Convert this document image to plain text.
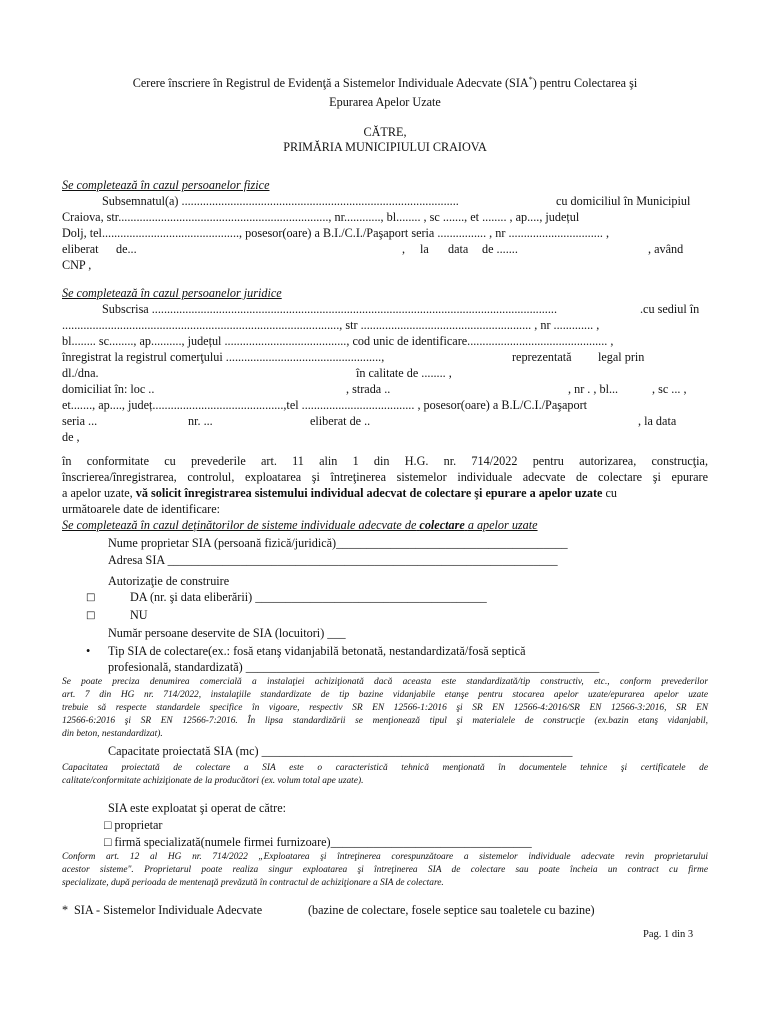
Cerere înscriere în Registrul de Evidenţă a Sistemelor Individuale Adecvate (SIA*) pentru Colectarea şi
Epurarea Apelor Uzate
CĂTRE,
PRIMĂRIA MUNICIPIULUI CRAIOVA
Se completează în cazul persoanelor fizice
Subsemnatul(a) ...........................................................................................	cu domiciliul în Municipiul
Craiova, str....................................................................., nr............, bl........ , sc ......., et ........ , ap...., județul
Dolj, tel............................................., posesor(oare) a B.I./C.I./Paşaport seria ................ , nr ............................... ,
eliberat de...	, la data de .......	, având
CNP ,
Se completează în cazul persoanelor juridice
Subscrisa .....................................................................................................................................	.cu sediul în
..........................................................................................., str ........................................................ , nr ............. ,
bl........ sc........, ap.........., județul ........................................, cod unic de identificare.............................................. ,
înregistrat la registrul comerţului ...................................................,	reprezentată legal prin
dl./dna.	în calitate de ........ ,
domiciliat în: loc ..	, strada ..	, nr . , bl...	, sc ... ,
et......., ap...., județ...........................................,tel ..................................... , posesor(oare) a B.L/C.I./Paşaport
seria ...	nr. ...	eliberat de ..	, la data
de ,
în conformitate cu prevederile art. 11 alin 1 din H.G. nr. 714/2022 pentru autorizarea, construcţia,
înscrierea/înregistrarea, controlul, exploatarea şi întreţinerea sistemelor individuale adecvate de colectare şi epurare
a apelor uzate, vă solicit înregistrarea sistemului individual adecvat de colectare şi epurare a apelor uzate cu
următoarele date de identificare:
Se completează în cazul deținătorilor de sisteme individuale adecvate de colectare a apelor uzate
Nume proprietar SIA (persoană fizică/juridică)______________________________________
Adresa SIA ________________________________________________________________
Autorizaţie de construire
□	DA (nr. şi data eliberării) ______________________________________
□	NU
Număr persoane deservite de SIA (locuitori) ___
• Tip SIA de colectare(ex.: fosă etanş vidanjabilă betonată, nestandardizată/fosă septică
profesională, standardizată) __________________________________________________________
Se poate preciza denumirea comercială a instalaţiei achiziţionată dacă aceasta este standardizată/tip constructiv, etc., conform prevederilor
art. 7 din HG nr. 714/2022, instalaţiile standardizate de tip bazine vidanjabile etanşe pentru stocarea apelor uzate/epurarea apelor uzate
trebuie să respecte standardele specifice în vigoare, respectiv SR EN 12566-1:2016 şi SR EN 12566-4:2016/SR EN 12566-3:2016, SR EN
12566-6:2016 şi SR EN 12566-7:2016. În lipsa standardizării se menţionează tipul şi materialele de construcţie (ex.bazin etanş vidanjabil,
din beton, nestandardizat).
Capacitate proiectată SIA (mc) ___________________________________________________
Capacitatea proiectată de colectare a SIA este o caracteristică tehnică menţionată în documentele tehnice şi certificatele de
calitate/conformitate achiziţionate de la producători (ex. volum total ape uzate).
SIA este exploatat şi operat de către:
□ proprietar
□ firmă specializată(numele firmei furnizoare)_________________________________
Conform art. 12 al HG nr. 714/2022 „Exploatarea şi întreţinerea corespunzătoare a sistemelor individuale adecvate revin proprietarului
acestor sisteme". Proprietarul poate realiza singur exploatarea şi întreţinerea SIA de colectare sau poate încheia un contract cu firme
specializate, după perioada de mentenaţă prevăzută în contractul de achiziţionare a SIA de colectare.
* SIA - Sistemelor Individuale Adecvate	(bazine de colectare, fosele septice sau toaletele cu bazine)
Pag. 1 din 3
